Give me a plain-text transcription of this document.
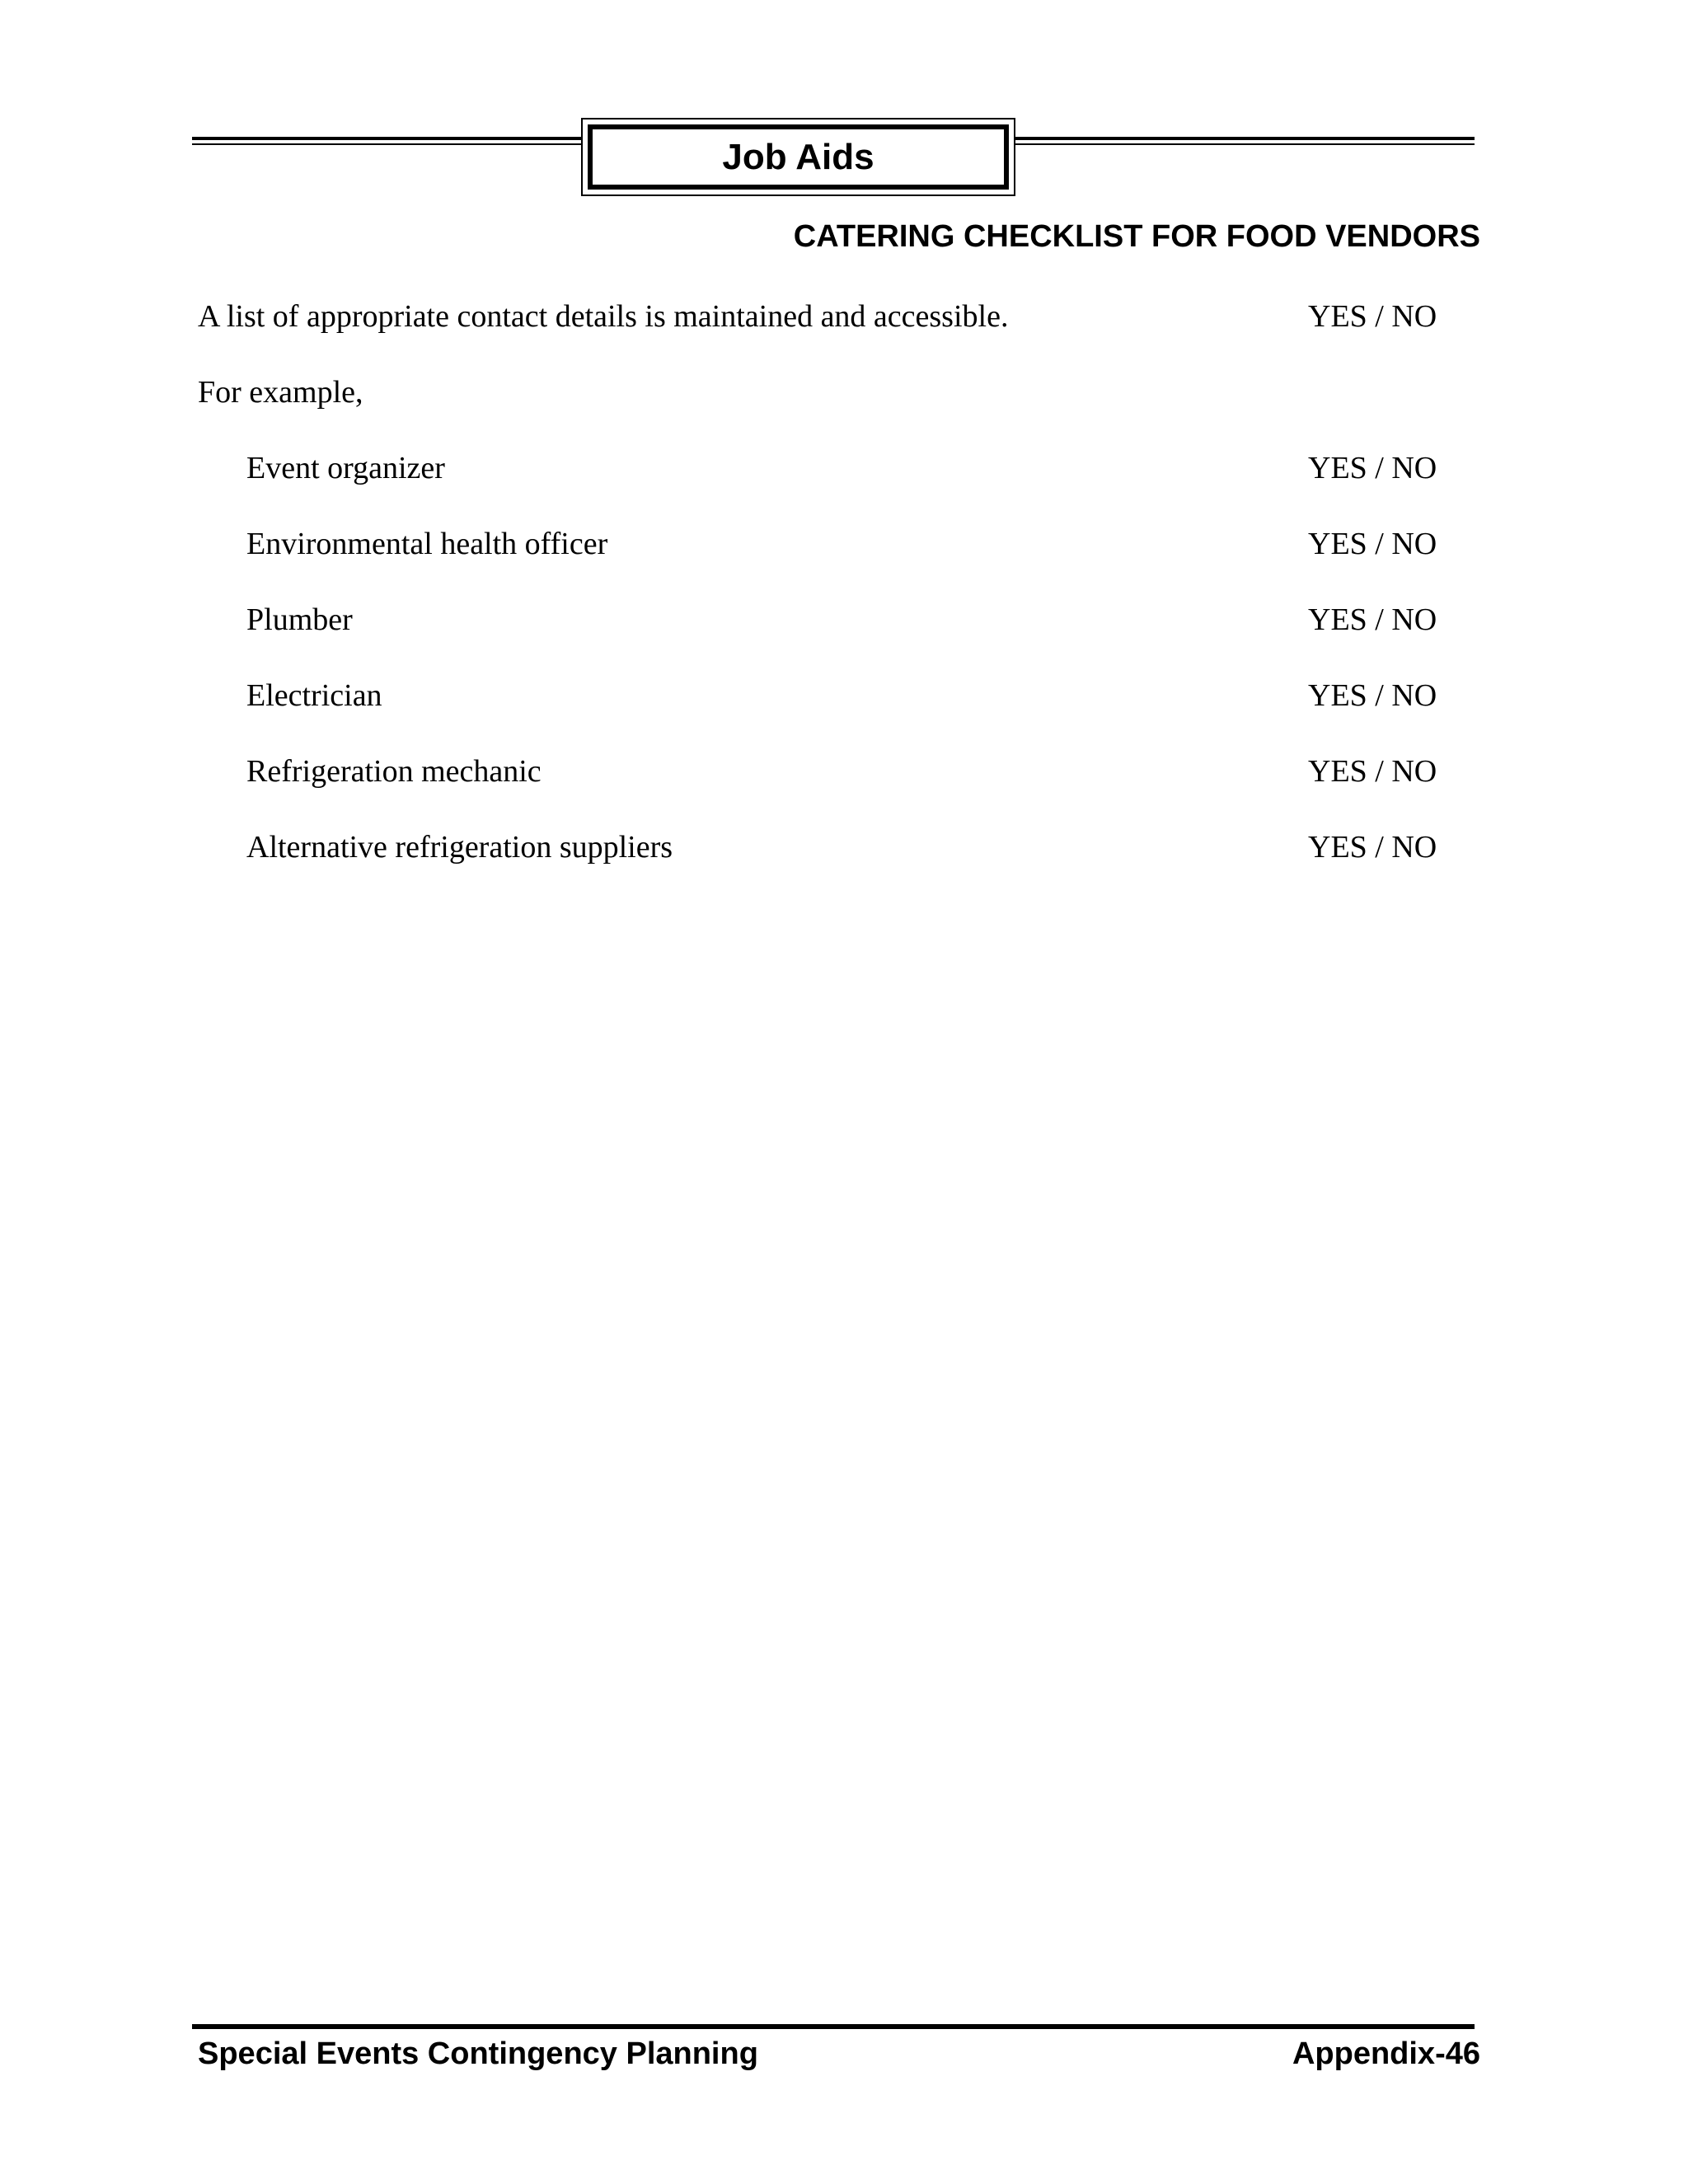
Job Aids
CATERING CHECKLIST FOR FOOD VENDORS
A list of appropriate contact details is maintained and accessible.	YES / NO
For example,
Event organizer	YES / NO
Environmental health officer	YES / NO
Plumber	YES / NO
Electrician	YES / NO
Refrigeration mechanic	YES / NO
Alternative refrigeration suppliers	YES / NO
Special Events Contingency Planning	Appendix-46
